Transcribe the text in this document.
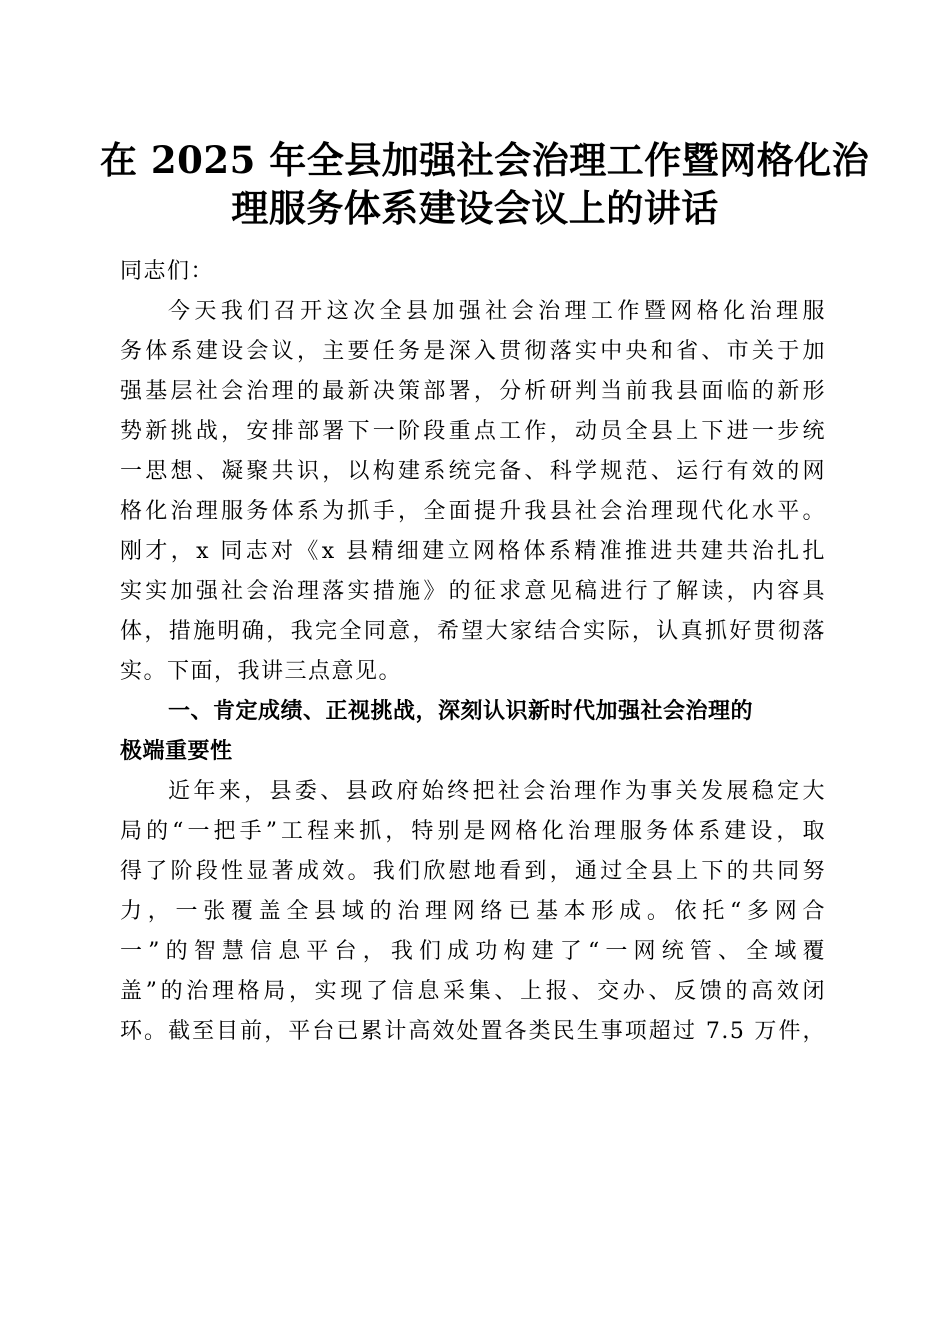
在 2025 年全县加强社会治理工作暨网格化治
理服务体系建设会议上的讲话
同志们：
今天我们召开这次全县加强社会治理工作暨网格化治理服
务体系建设会议，主要任务是深入贯彻落实中央和省、市关于加
强基层社会治理的最新决策部署，分析研判当前我县面临的新形
势新挑战，安排部署下一阶段重点工作，动员全县上下进一步统
一思想、凝聚共识，以构建系统完备、科学规范、运行有效的网
格化治理服务体系为抓手，全面提升我县社会治理现代化水平。
刚才，x 同志对《x 县精细建立网格体系精准推进共建共治扎扎
实实加强社会治理落实措施》的征求意见稿进行了解读，内容具
体，措施明确，我完全同意，希望大家结合实际，认真抓好贯彻落
实。下面，我讲三点意见。
一、肯定成绩、正视挑战，深刻认识新时代加强社会治理的
极端重要性
近年来，县委、县政府始终把社会治理作为事关发展稳定大
局的“一把手”工程来抓，特别是网格化治理服务体系建设，取
得了阶段性显著成效。我们欣慰地看到，通过全县上下的共同努
力，一张覆盖全县域的治理网络已基本形成。依托“多网合
一”的智慧信息平台，我们成功构建了“一网统管、全域覆
盖”的治理格局，实现了信息采集、上报、交办、反馈的高效闭
环。截至目前，平台已累计高效处置各类民生事项超过 7.5 万件，
